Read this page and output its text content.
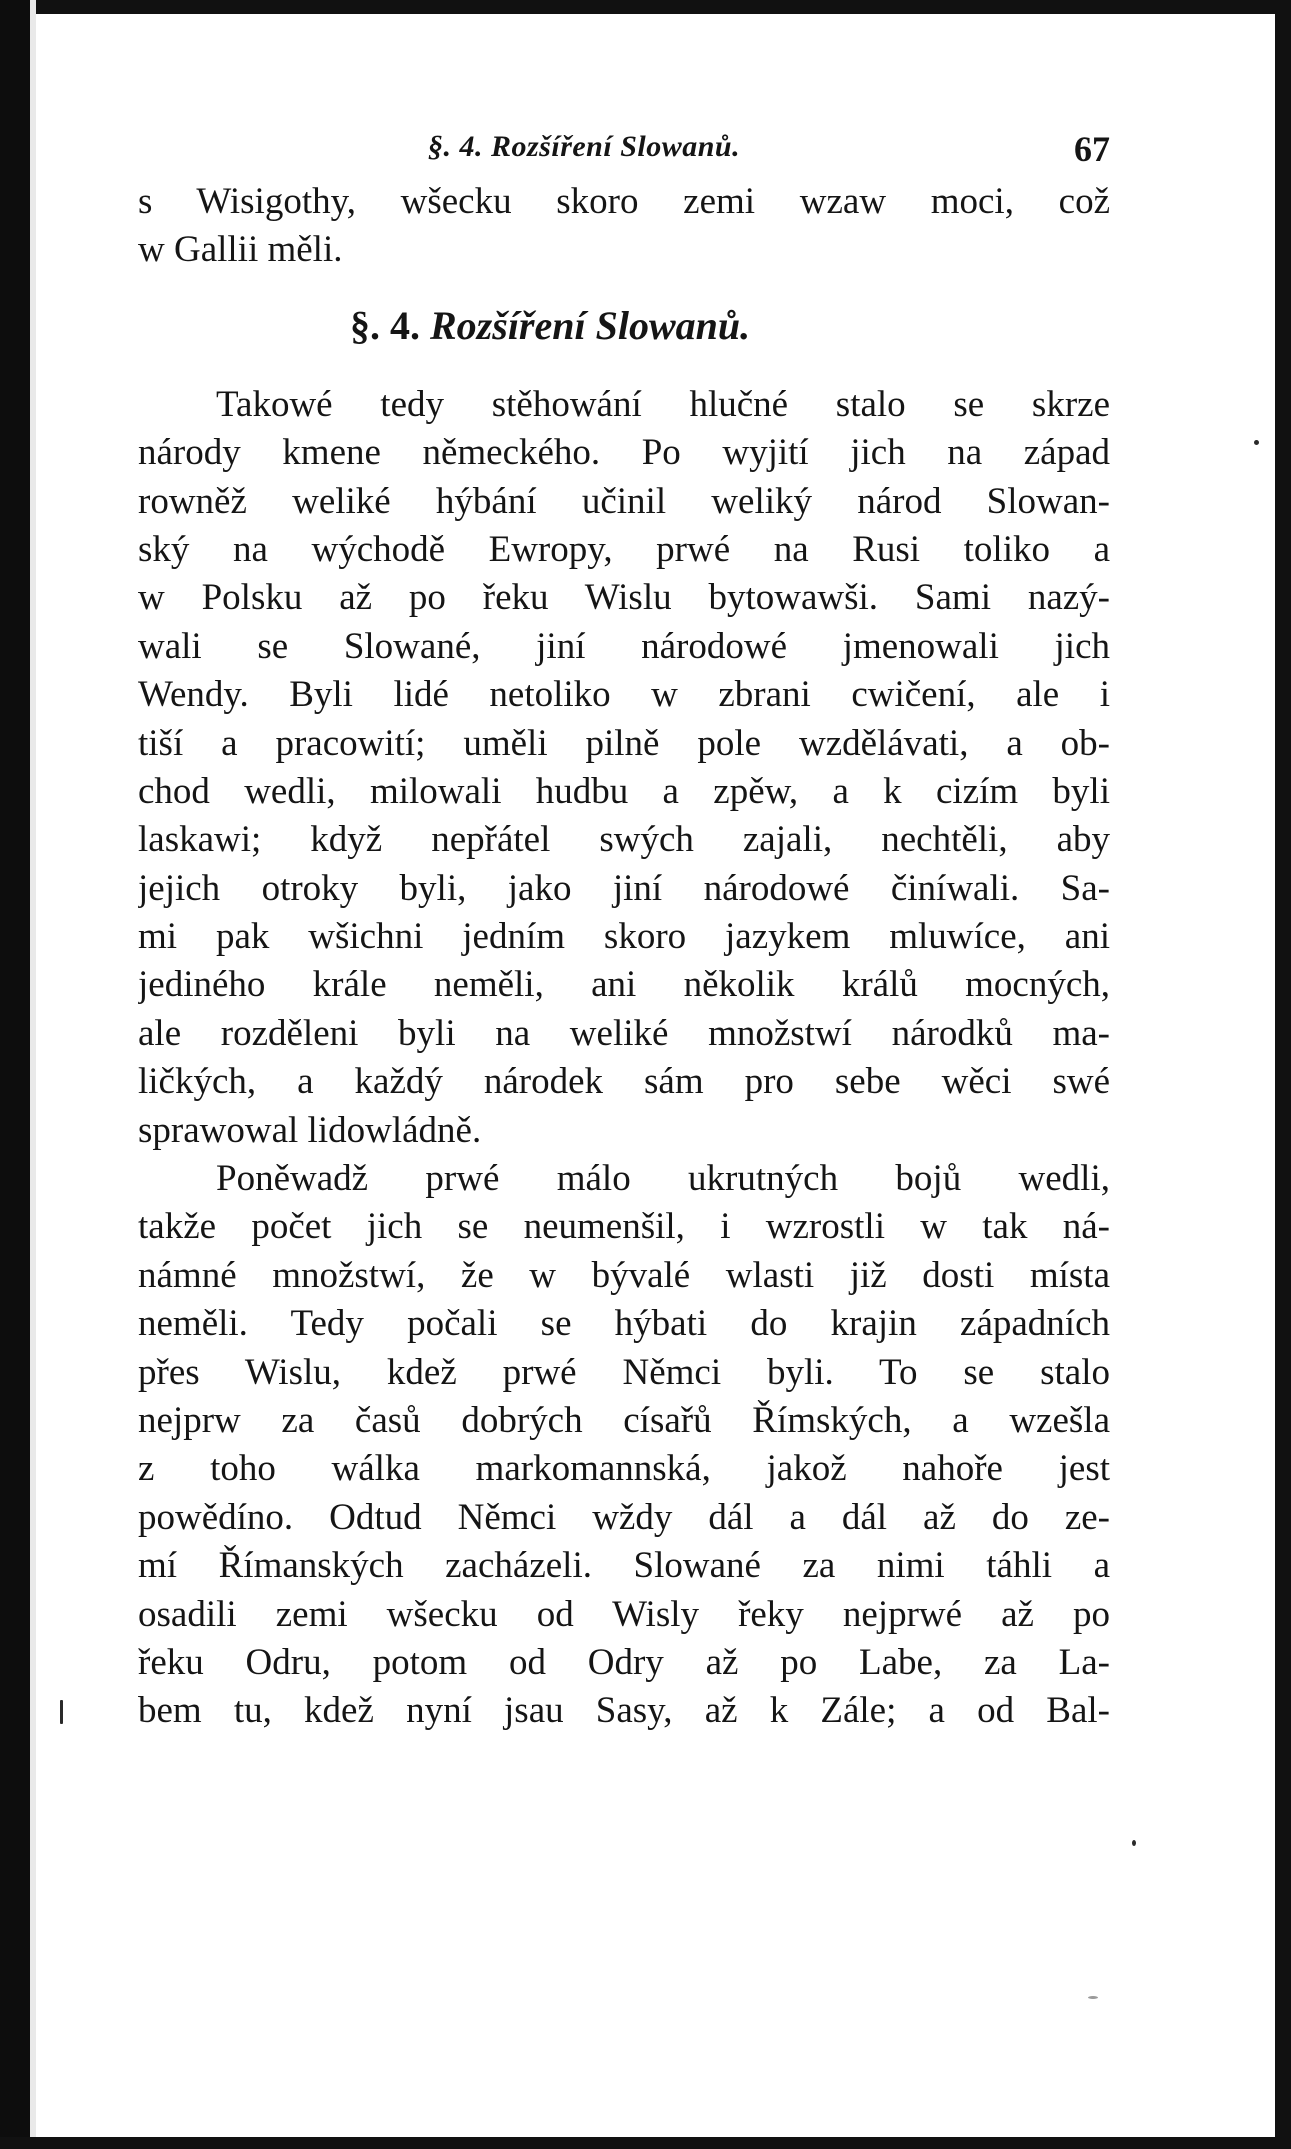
§. 4. Rozšíření Slowanů.	67
s Wisigothy, wšecku skoro zemi wzaw moci, což
w Gallii měli.
§. 4. Rozšíření Slowanů.
Takowé tedy stěhowání hlučné stalo se skrze
národy kmene německého. Po wyjití jich na západ
rowněž weliké hýbání učinil weliký národ Slowan-
ský na wýchodě Ewropy, prwé na Rusi toliko a
w Polsku až po řeku Wislu bytowawši. Sami nazý-
wali se Slowané, jiní národowé jmenowali jich
Wendy. Byli lidé netoliko w zbrani cwičení, ale i
tiší a pracowití; uměli pilně pole wzdělávati, a ob-
chod wedli, milowali hudbu a zpěw, a k cizím byli
laskawi; když nepřátel swých zajali, nechtěli, aby
jejich otroky byli, jako jiní národowé činíwali. Sa-
mi pak wšichni jedním skoro jazykem mluwíce, ani
jediného krále neměli, ani několik králů mocných,
ale rozděleni byli na weliké množstwí národků ma-
ličkých, a každý národek sám pro sebe wěci swé
sprawowal lidowládně.
Poněwadž prwé málo ukrutných bojů wedli,
takže počet jich se neumenšil, i wzrostli w tak ná-
námné množstwí, že w bývalé wlasti již dosti místa
neměli. Tedy počali se hýbati do krajin západních
přes Wislu, kdež prwé Němci byli. To se stalo
nejprw za časů dobrých císařů Římských, a wzešla
z toho wálka markomannská, jakož nahoře jest
powědíno. Odtud Němci wždy dál a dál až do ze-
mí Římanských zacházeli. Slowané za nimi táhli a
osadili zemi wšecku od Wisly řeky nejprwé až po
řeku Odru, potom od Odry až po Labe, za La-
bem tu, kdež nyní jsau Sasy, až k Zále; a od Bal-
